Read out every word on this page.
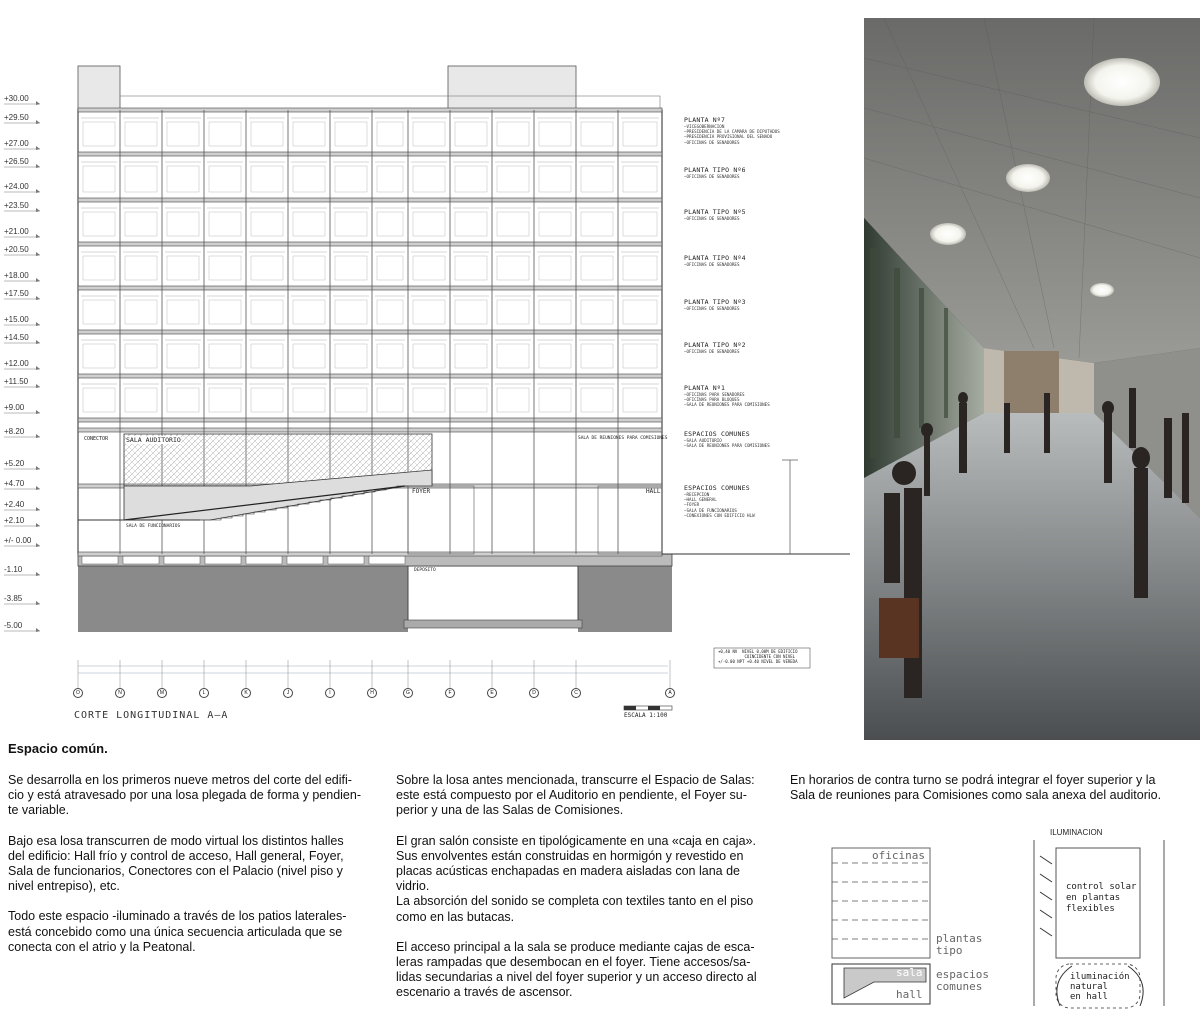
+30.00
+29.50
+27.00
+26.50
+24.00
+23.50
+21.00
+20.50
+18.00
+17.50
+15.00
+14.50
+12.00
+11.50
+9.00
+8.20
+5.20
+4.70
+2.40
+2.10
+/- 0.00
-1.10
-3.85
-5.00
PLANTA Nº7
—VICEGOBERNACION
—PRESIDENCIA DE LA CAMARA DE DIPUTADOS
—PRESIDENCIA PROVISIONAL DEL SENADO
—OFICINAS DE SENADORES
PLANTA TIPO Nº6
—OFICINAS DE SENADORES
PLANTA TIPO Nº5
—OFICINAS DE SENADORES
PLANTA TIPO Nº4
—OFICINAS DE SENADORES
PLANTA TIPO Nº3
—OFICINAS DE SENADORES
PLANTA TIPO Nº2
—OFICINAS DE SENADORES
PLANTA Nº1
—OFICINAS PARA SENADORES
—OFICINAS PARA BLOQUES
—SALA DE REUNIONES PARA COMISIONES
ESPACIOS COMUNES
—SALA AUDITORIO
—SALA DE REUNIONES PARA COMISIONES
ESPACIOS COMUNES
—RECEPCION
—HALL GENERAL
—FOYER
—SALA DE FUNCIONARIOS
—CONEXIONES CON EDIFICIO HLW
CONECTOR	SALA AUDITORIO	SALA DE REUNIONES PARA COMISIONES
FOYER	HALL
SALA DE FUNCIONARIOS
DEPOSITO
+0,40 NV NIVEL 0,00M DE EDIFICIO
COINCIDENTE CON NIVEL
+/-0.00 NPT +0.40 NIVEL DE VEREDA
O	N	M	L	K	J	I	H	G	F	E	D	C	A
CORTE LONGITUDINAL A—A	ESCALA 1:100
Espacio común.

Se desarrolla en los primeros nueve metros del corte del edifi-
cio y está atravesado por una losa plegada de forma y pendien-
te variable.

Bajo esa losa transcurren de modo virtual los distintos halles
del edificio: Hall frío y control de acceso, Hall general, Foyer,
Sala de funcionarios, Conectores con el Palacio (nivel piso y
nivel entrepiso), etc.

Todo este espacio -iluminado a través de los patios laterales-
está concebido como una única secuencia articulada que se
conecta con el atrio y la Peatonal.

Sobre la losa antes mencionada, transcurre el Espacio de Salas:
este está compuesto por el Auditorio en pendiente, el Foyer su-
perior y una de las Salas de Comisiones.

El gran salón consiste en tipológicamente en una «caja en caja».
Sus envolventes están construidas en hormigón y revestido en
placas acústicas enchapadas en madera aisladas con lana de
vidrio.
La absorción del sonido se completa con textiles tanto en el piso
como en las butacas.

El acceso principal a la sala se produce mediante cajas de esca-
leras rampadas que desembocan en el foyer. Tiene accesos/sa-
lidas secundarias a nivel del foyer superior y un acceso directo al
escenario a través de ascensor.

En horarios de contra turno se podrá integrar el foyer superior y la
Sala de reuniones para Comisiones como sala anexa del auditorio.

oficinas
plantas
tipo
sala
hall
espacios
comunes
ILUMINACION
control solar
en plantas
flexibles
iluminación
natural
en hall
